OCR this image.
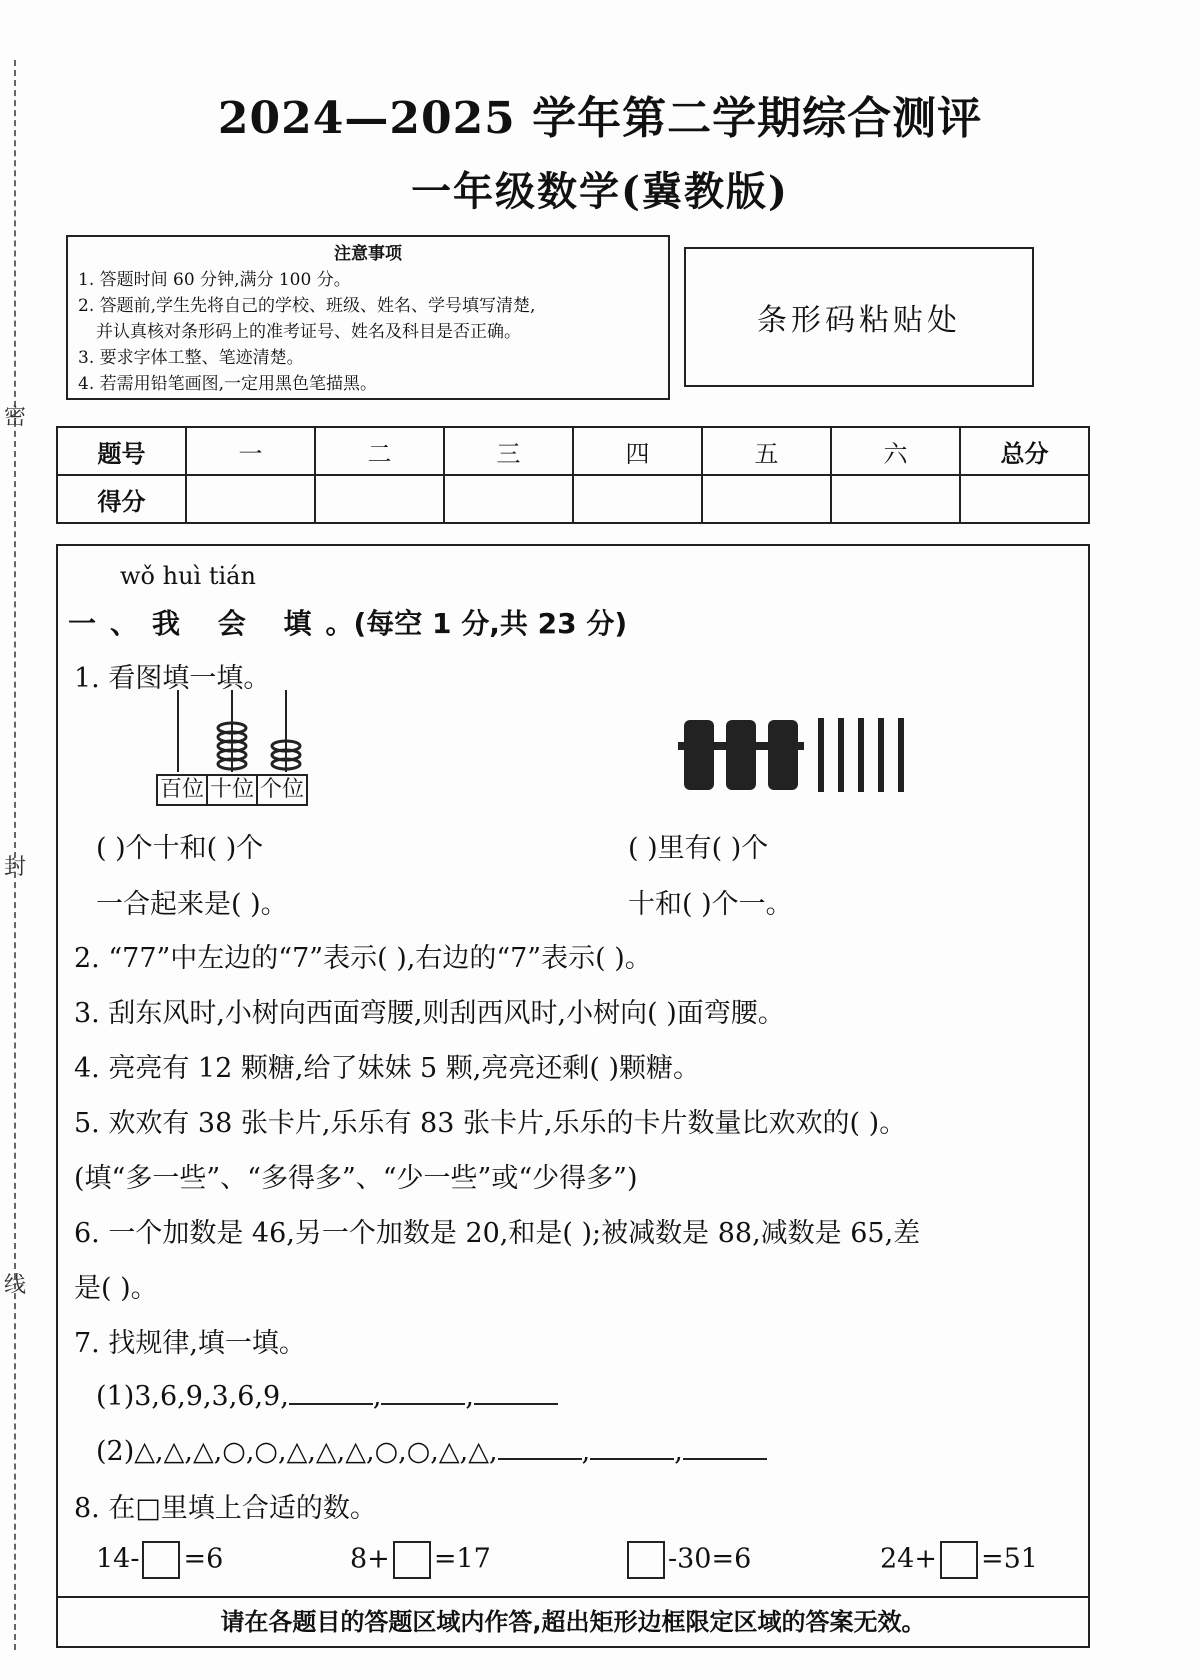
密
封
线
2024—2025 学年第二学期综合测评
一年级数学(冀教版)
注意事项
1. 答题时间 60 分钟,满分 100 分。
2. 答题前,学生先将自己的学校、班级、姓名、学号填写清楚,
并认真核对条形码上的准考证号、姓名及科目是否正确。
3. 要求字体工整、笔迹清楚。
4. 若需用铅笔画图,一定用黑色笔描黑。
条形码粘贴处
题号	一	二	三	四	五	六	总分
得分							
wǒ huì tián
一、我 会 填。(每空 1 分,共 23 分)
1. 看图填一填。
百位 十位 个位
( )个十和( )个
一合起来是( )。
( )里有( )个
十和( )个一。
2. “77”中左边的“7”表示( ),右边的“7”表示( )。
3. 刮东风时,小树向西面弯腰,则刮西风时,小树向( )面弯腰。
4. 亮亮有 12 颗糖,给了妹妹 5 颗,亮亮还剩( )颗糖。
5. 欢欢有 38 张卡片,乐乐有 83 张卡片,乐乐的卡片数量比欢欢的( )。
(填“多一些”、“多得多”、“少一些”或“少得多”)
6. 一个加数是 46,另一个加数是 20,和是( );被减数是 88,减数是 65,差
是( )。
7. 找规律,填一填。
(1)3,6,9,3,6,9,	,	,
(2)△,△,△,○,○,△,△,△,○,○,△,△,	,	,
8. 在□里填上合适的数。
14- =6	8+ =17	-30=6	24+ =51
请在各题目的答题区域内作答,超出矩形边框限定区域的答案无效。
